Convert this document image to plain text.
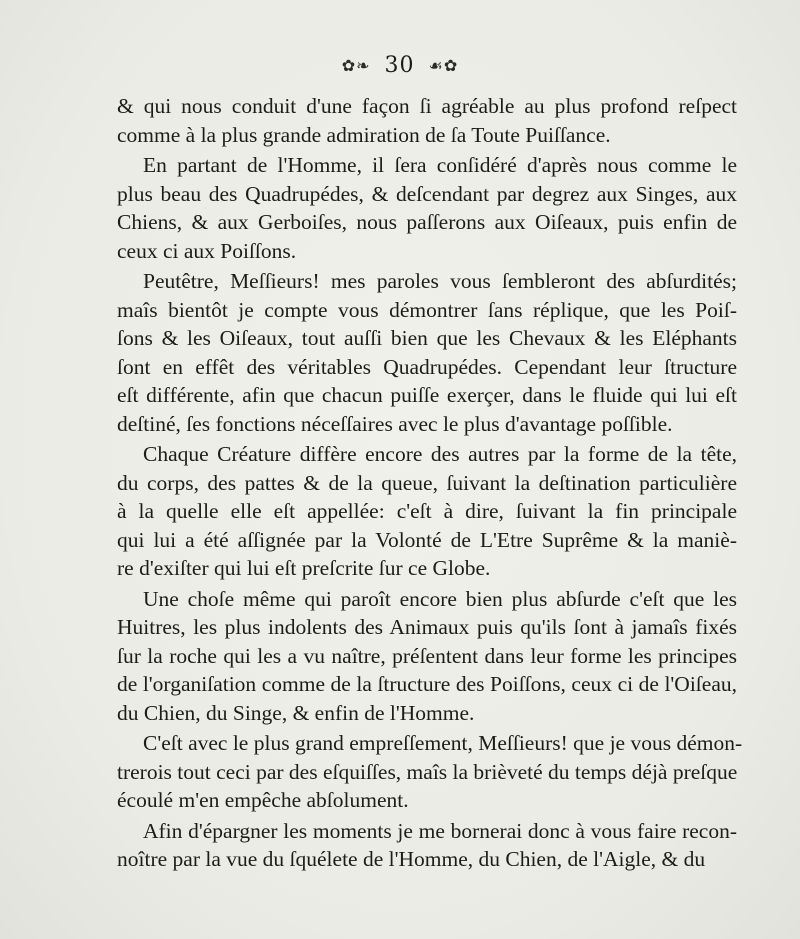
✿❧ 30 ☙✿

& qui nous conduit d'une façon ſi agréable au plus profond reſpect
comme à la plus grande admiration de ſa Toute Puiſſance.

En partant de l'Homme, il ſera conſidéré d'après nous comme le
plus beau des Quadrupédes, & deſcendant par degrez aux Singes, aux
Chiens, & aux Gerboiſes, nous paſſerons aux Oiſeaux, puis enfin de
ceux ci aux Poiſſons.

Peutêtre, Meſſieurs! mes paroles vous ſembleront des abſurdités;
maîs bientôt je compte vous démontrer ſans réplique, que les Poiſ-
ſons & les Oiſeaux, tout auſſi bien que les Chevaux & les Eléphants
ſont en effêt des véritables Quadrupédes. Cependant leur ſtructure
eſt différente, afin que chacun puiſſe exerçer, dans le fluide qui lui eſt
deſtiné, ſes fonctions néceſſaires avec le plus d'avantage poſſible.

Chaque Créature diffère encore des autres par la forme de la tête,
du corps, des pattes & de la queue, ſuivant la deſtination particulière
à la quelle elle eſt appellée: c'eſt à dire, ſuivant la fin principale
qui lui a été aſſignée par la Volonté de L'Etre Suprême & la maniè-
re d'exiſter qui lui eſt preſcrite ſur ce Globe.

Une choſe même qui paroît encore bien plus abſurde c'eſt que les
Huitres, les plus indolents des Animaux puis qu'ils ſont à jamaîs fixés
ſur la roche qui les a vu naître, préſentent dans leur forme les principes
de l'organiſation comme de la ſtructure des Poiſſons, ceux ci de l'Oiſeau,
du Chien, du Singe, & enfin de l'Homme.

C'eſt avec le plus grand empreſſement, Meſſieurs! que je vous démon-
trerois tout ceci par des eſquiſſes, maîs la brièveté du temps déjà preſque
écoulé m'en empêche abſolument.

Afin d'épargner les moments je me bornerai donc à vous faire recon-
noître par la vue du ſquélete de l'Homme, du Chien, de l'Aigle, & du
